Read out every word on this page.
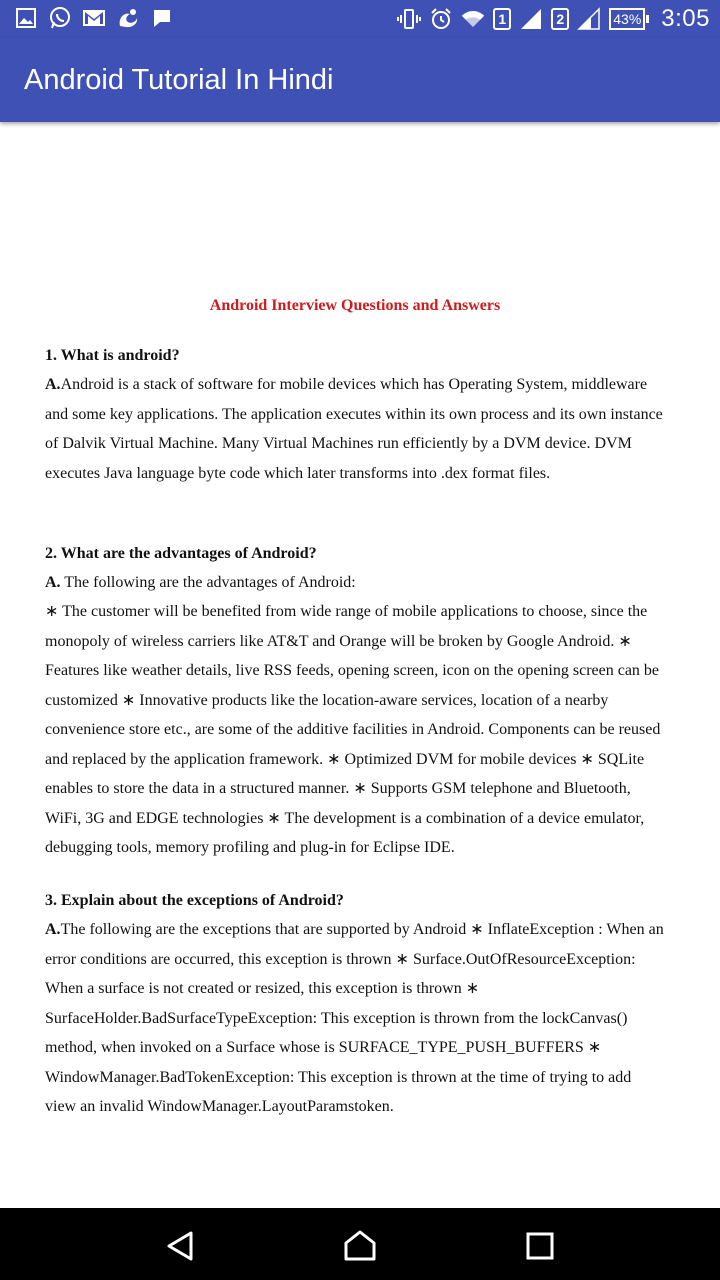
1	2	43% 3:05
Android Tutorial In Hindi
Android Interview Questions and Answers
1. What is android?

A.Android is a stack of software for mobile devices which has Operating System, middleware and some key applications. The application executes within its own process and its own instance of Dalvik Virtual Machine. Many Virtual Machines run efficiently by a DVM device. DVM executes Java language byte code which later transforms into .dex format files.

2. What are the advantages of Android?

A. The following are the advantages of Android:

∗ The customer will be benefited from wide range of mobile applications to choose, since the monopoly of wireless carriers like AT&T and Orange will be broken by Google Android. ∗ Features like weather details, live RSS feeds, opening screen, icon on the opening screen can be customized ∗ Innovative products like the location-aware services, location of a nearby convenience store etc., are some of the additive facilities in Android. Components can be reused and replaced by the application framework. ∗ Optimized DVM for mobile devices ∗ SQLite enables to store the data in a structured manner. ∗ Supports GSM telephone and Bluetooth, WiFi, 3G and EDGE technologies ∗ The development is a combination of a device emulator, debugging tools, memory profiling and plug-in for Eclipse IDE.

3. Explain about the exceptions of Android?

A.The following are the exceptions that are supported by Android ∗ InflateException : When an error conditions are occurred, this exception is thrown ∗ Surface.OutOfResourceException: When a surface is not created or resized, this exception is thrown ∗ SurfaceHolder.BadSurfaceTypeException: This exception is thrown from the lockCanvas() method, when invoked on a Surface whose is SURFACE_TYPE_PUSH_BUFFERS ∗ WindowManager.BadTokenException: This exception is thrown at the time of trying to add view an invalid WindowManager.LayoutParamstoken.
